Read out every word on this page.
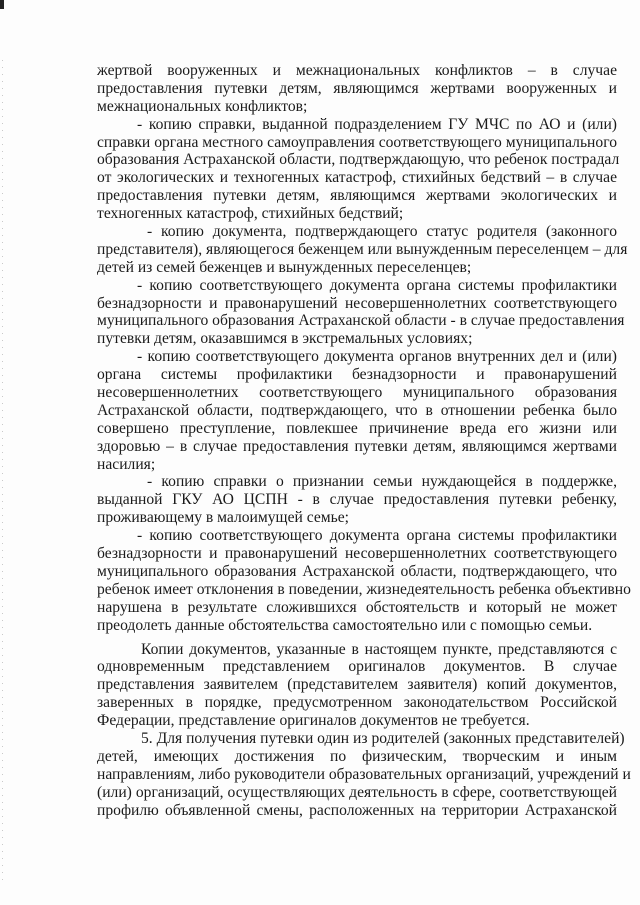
жертвой вооруженных и межнациональных конфликтов – в случае
предоставления путевки детям, являющимся жертвами вооруженных и
межнациональных конфликтов;
- копию справки, выданной подразделением ГУ МЧС по АО и (или)
справки органа местного самоуправления соответствующего муниципального
образования Астраханской области, подтверждающую, что ребенок пострадал
от экологических и техногенных катастроф, стихийных бедствий – в случае
предоставления путевки детям, являющимся жертвами экологических и
техногенных катастроф, стихийных бедствий;
- копию документа, подтверждающего статус родителя (законного
представителя), являющегося беженцем или вынужденным переселенцем – для
детей из семей беженцев и вынужденных переселенцев;
- копию соответствующего документа органа системы профилактики
безнадзорности и правонарушений несовершеннолетних соответствующего
муниципального образования Астраханской области - в случае предоставления
путевки детям, оказавшимся в экстремальных условиях;
- копию соответствующего документа органов внутренних дел и (или)
органа системы профилактики безнадзорности и правонарушений
несовершеннолетних соответствующего муниципального образования
Астраханской области, подтверждающего, что в отношении ребенка было
совершено преступление, повлекшее причинение вреда его жизни или
здоровью – в случае предоставления путевки детям, являющимся жертвами
насилия;
- копию справки о признании семьи нуждающейся в поддержке,
выданной ГКУ АО ЦСПН - в случае предоставления путевки ребенку,
проживающему в малоимущей семье;
- копию соответствующего документа органа системы профилактики
безнадзорности и правонарушений несовершеннолетних соответствующего
муниципального образования Астраханской области, подтверждающего, что
ребенок имеет отклонения в поведении, жизнедеятельность ребенка объективно
нарушена в результате сложившихся обстоятельств и который не может
преодолеть данные обстоятельства самостоятельно или с помощью семьи.
Копии документов, указанные в настоящем пункте, представляются с
одновременным представлением оригиналов документов. В случае
представления заявителем (представителем заявителя) копий документов,
заверенных в порядке, предусмотренном законодательством Российской
Федерации, представление оригиналов документов не требуется.
5. Для получения путевки один из родителей (законных представителей)
детей, имеющих достижения по физическим, творческим и иным
направлениям, либо руководители образовательных организаций, учреждений и
(или) организаций, осуществляющих деятельность в сфере, соответствующей
профилю объявленной смены, расположенных на территории Астраханской
